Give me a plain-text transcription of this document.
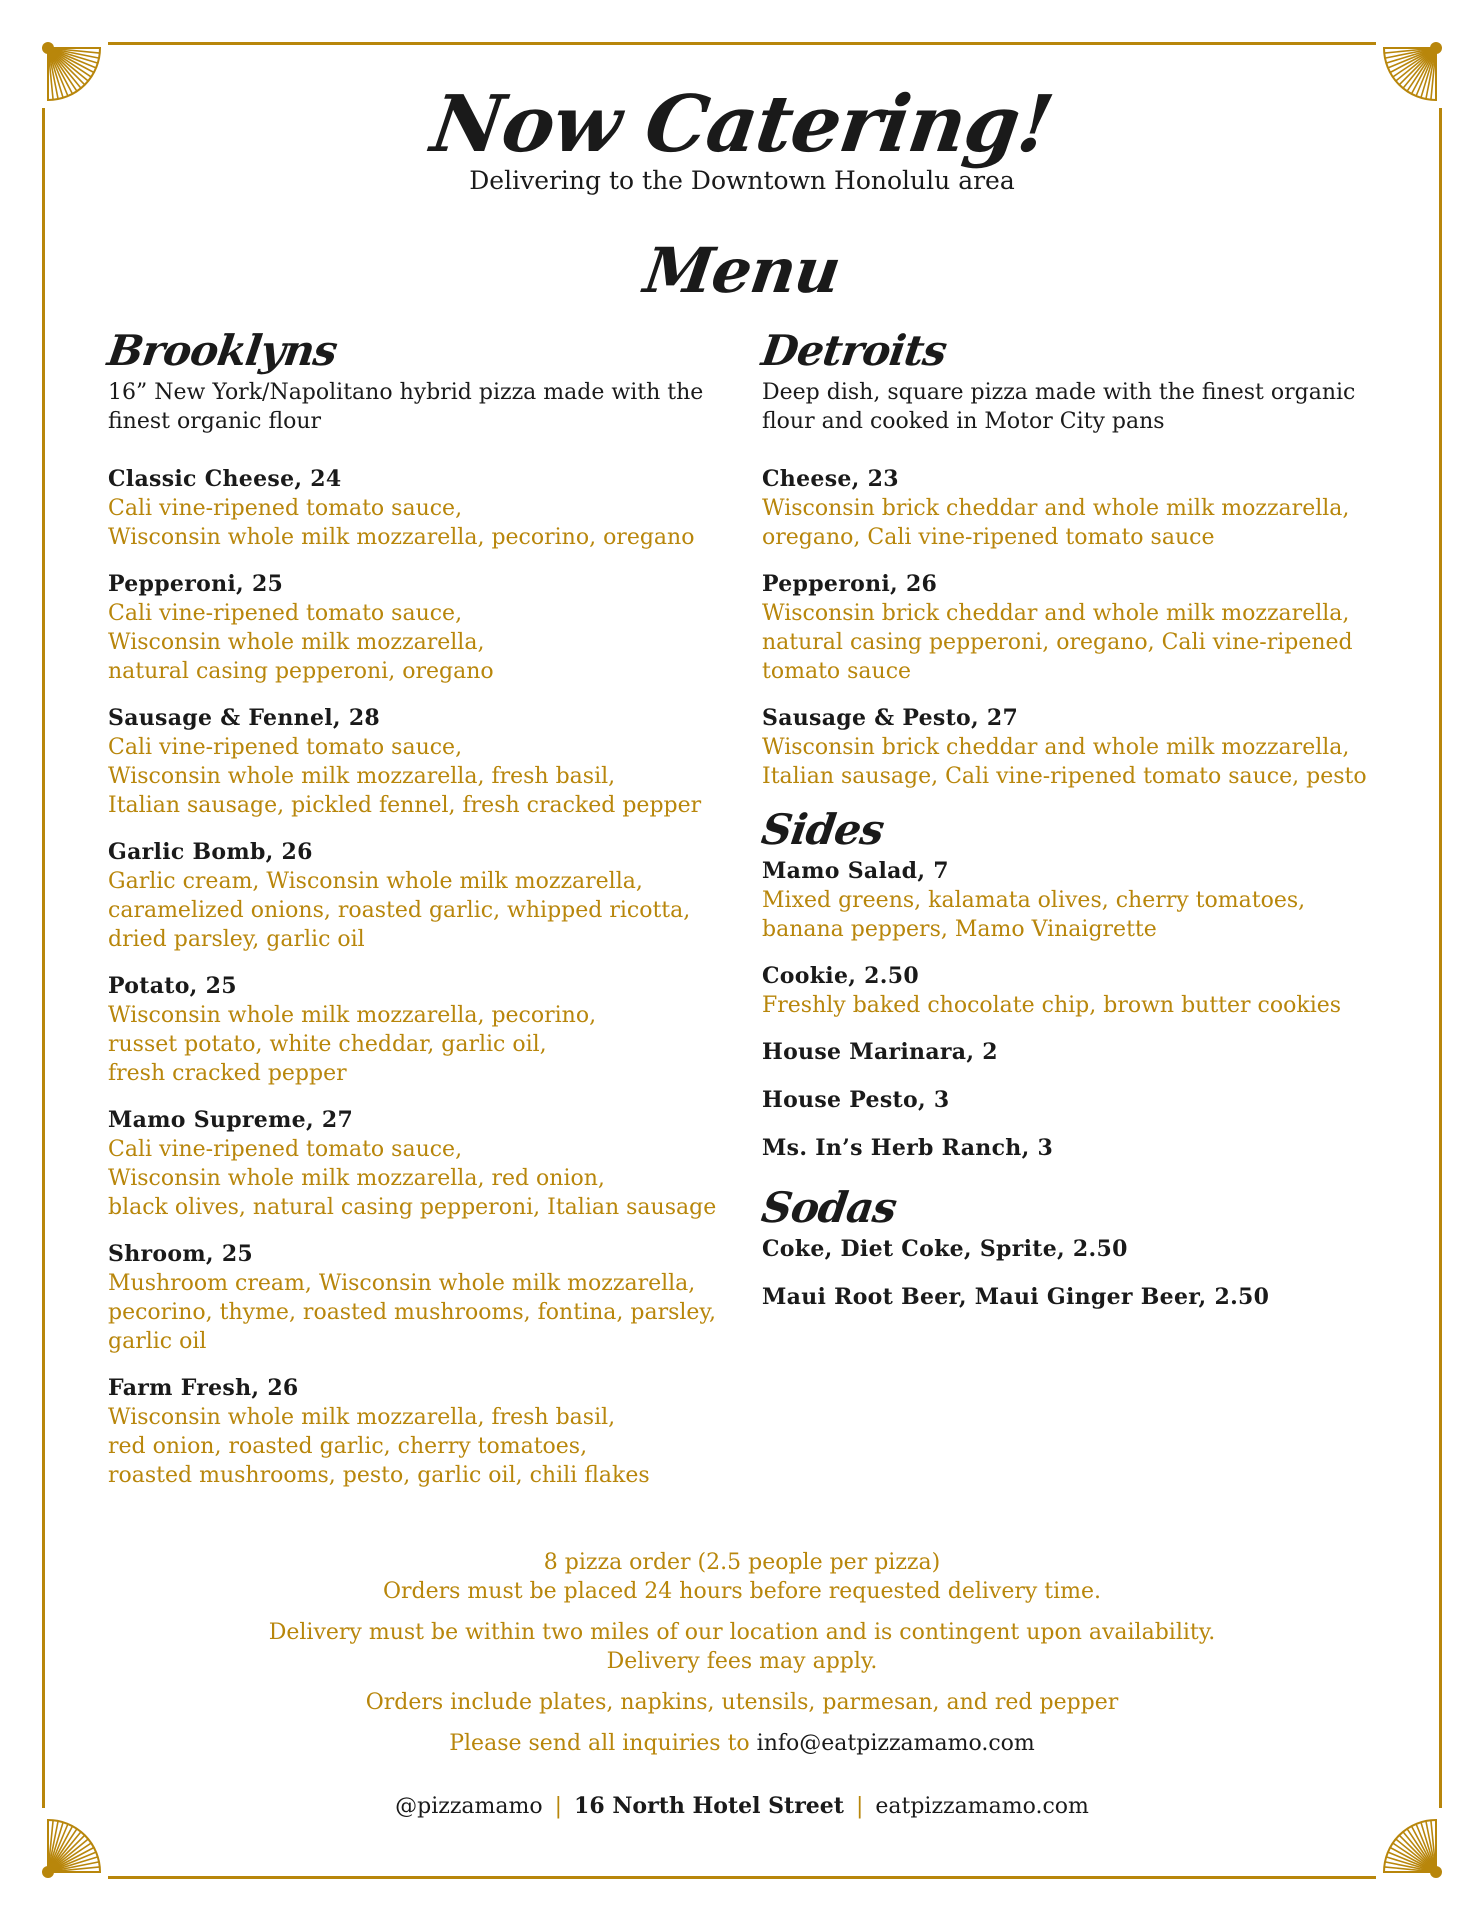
Now Catering!
Delivering to the Downtown Honolulu area
Menu
Brooklyns
16” New York/Napolitano hybrid pizza made with the
finest organic flour
Classic Cheese, 24
Cali vine-ripened tomato sauce,
Wisconsin whole milk mozzarella, pecorino, oregano
Pepperoni, 25
Cali vine-ripened tomato sauce,
Wisconsin whole milk mozzarella,
natural casing pepperoni, oregano
Sausage & Fennel, 28
Cali vine-ripened tomato sauce,
Wisconsin whole milk mozzarella, fresh basil,
Italian sausage, pickled fennel, fresh cracked pepper
Garlic Bomb, 26
Garlic cream, Wisconsin whole milk mozzarella,
caramelized onions, roasted garlic, whipped ricotta,
dried parsley, garlic oil
Potato, 25
Wisconsin whole milk mozzarella, pecorino,
russet potato, white cheddar, garlic oil,
fresh cracked pepper
Mamo Supreme, 27
Cali vine-ripened tomato sauce,
Wisconsin whole milk mozzarella, red onion,
black olives, natural casing pepperoni, Italian sausage
Shroom, 25
Mushroom cream, Wisconsin whole milk mozzarella,
pecorino, thyme, roasted mushrooms, fontina, parsley,
garlic oil
Farm Fresh, 26
Wisconsin whole milk mozzarella, fresh basil,
red onion, roasted garlic, cherry tomatoes,
roasted mushrooms, pesto, garlic oil, chili flakes
Detroits
Deep dish, square pizza made with the finest organic
flour and cooked in Motor City pans
Cheese, 23
Wisconsin brick cheddar and whole milk mozzarella,
oregano, Cali vine-ripened tomato sauce
Pepperoni, 26
Wisconsin brick cheddar and whole milk mozzarella,
natural casing pepperoni, oregano, Cali vine-ripened
tomato sauce
Sausage & Pesto, 27
Wisconsin brick cheddar and whole milk mozzarella,
Italian sausage, Cali vine-ripened tomato sauce, pesto
Sides
Mamo Salad, 7
Mixed greens, kalamata olives, cherry tomatoes,
banana peppers, Mamo Vinaigrette
Cookie, 2.50
Freshly baked chocolate chip, brown butter cookies
House Marinara, 2
House Pesto, 3
Ms. In’s Herb Ranch, 3
Sodas
Coke, Diet Coke, Sprite, 2.50
Maui Root Beer, Maui Ginger Beer, 2.50

8 pizza order (2.5 people per pizza)
Orders must be placed 24 hours before requested delivery time.

Delivery must be within two miles of our location and is contingent upon availability.
Delivery fees may apply.

Orders include plates, napkins, utensils, parmesan, and red pepper

Please send all inquiries to info@eatpizzamamo.com

@pizzamamo | 16 North Hotel Street | eatpizzamamo.com
